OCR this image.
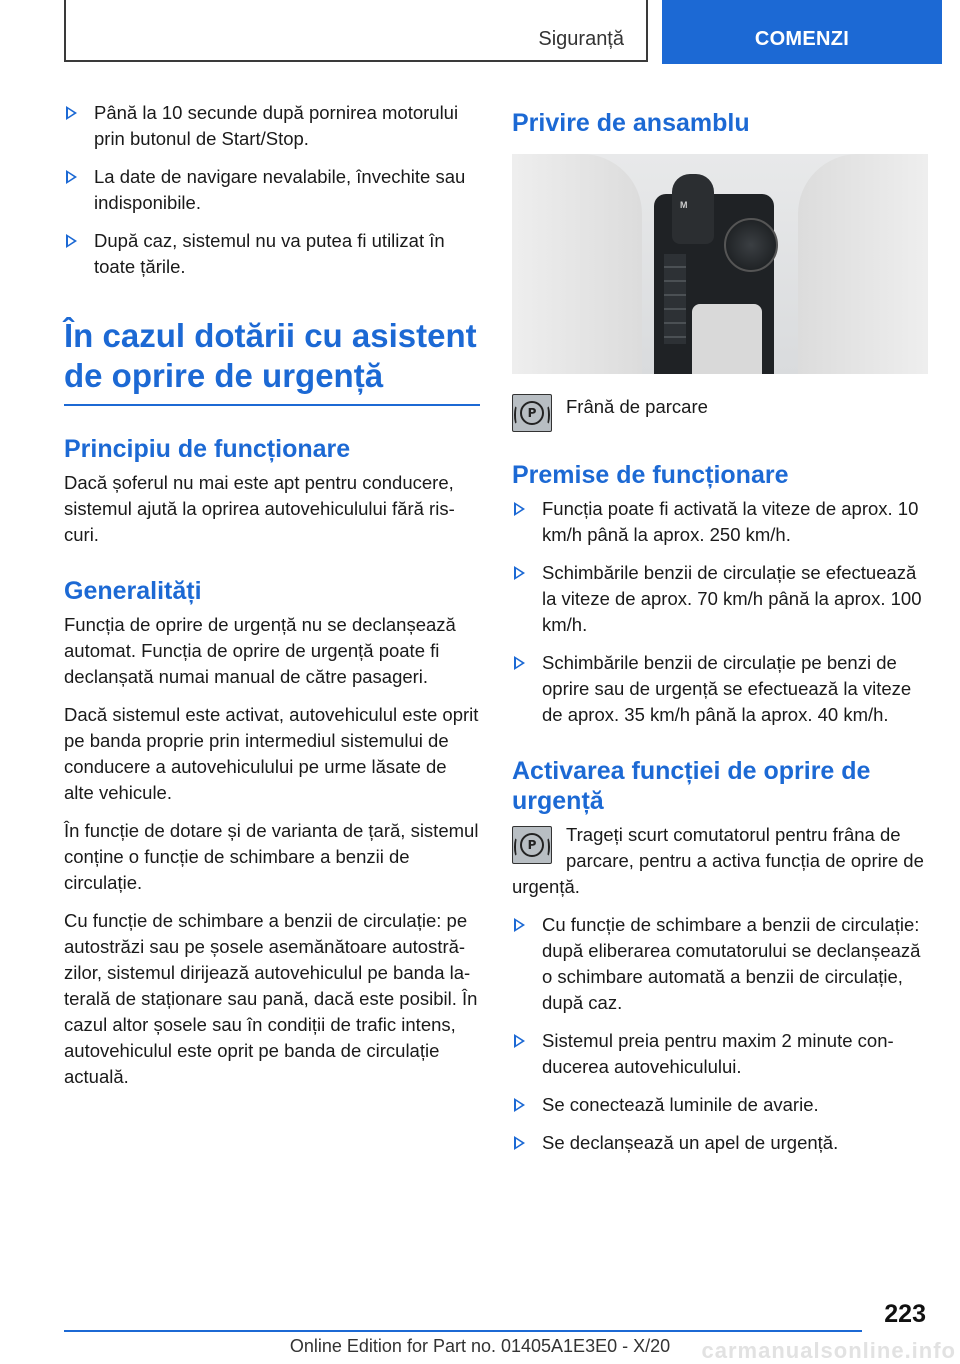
Siguranță	COMENZI
Până la 10 secunde după pornirea motorului prin butonul de Start/Stop.
La date de navigare nevalabile, învechite sau indisponibile.
După caz, sistemul nu va putea fi utilizat în toate țările.
În cazul dotării cu asistent de oprire de urgență
Principiu de funcționare

Dacă șoferul nu mai este apt pentru conducere, sistemul ajută la oprirea autovehiculului fără riscuri.

Generalități

Funcția de oprire de urgență nu se declanșează automat. Funcția de oprire de urgență poate fi declanșată numai manual de către pasageri.

Dacă sistemul este activat, autovehiculul este oprit pe banda proprie prin intermediul sistemului de conducere a autovehiculului pe urme lăsate de alte vehicule.

În funcție de dotare și de varianta de țară, sistemul conține o funcție de schimbare a benzii de circulație.

Cu funcție de schimbare a benzii de circulație: pe autostrăzi sau pe șosele asemănătoare autostrăzilor, sistemul dirijează autovehiculul pe banda laterală de staționare sau pană, dacă este posibil. În cazul altor șosele sau în condiții de trafic intens, autovehiculul este oprit pe banda de circulație actuală.

Privire de ansamblu
M
P	Frână de parcare
Premise de funcționare
Funcția poate fi activată la viteze de aprox. 10 km/h până la aprox. 250 km/h.
Schimbările benzii de circulație se efectuează la viteze de aprox. 70 km/h până la aprox. 100 km/h.
Schimbările benzii de circulație pe benzi de oprire sau de urgență se efectuează la viteze de aprox. 35 km/h până la aprox. 40 km/h.
Activarea funcției de oprire de urgență
P	Trageți scurt comutatorul pentru frâna de parcare, pentru a activa funcția de oprire de urgență.

Cu funcție de schimbare a benzii de circulație: după eliberarea comutatorului se declanșează o schimbare automată a benzii de circulație, după caz.
Sistemul preia pentru maxim 2 minute conducerea autovehiculului.
Se conectează luminile de avarie.
Se declanșează un apel de urgență.
223
Online Edition for Part no. 01405A1E3E0 - X/20	carmanualsonline.info
